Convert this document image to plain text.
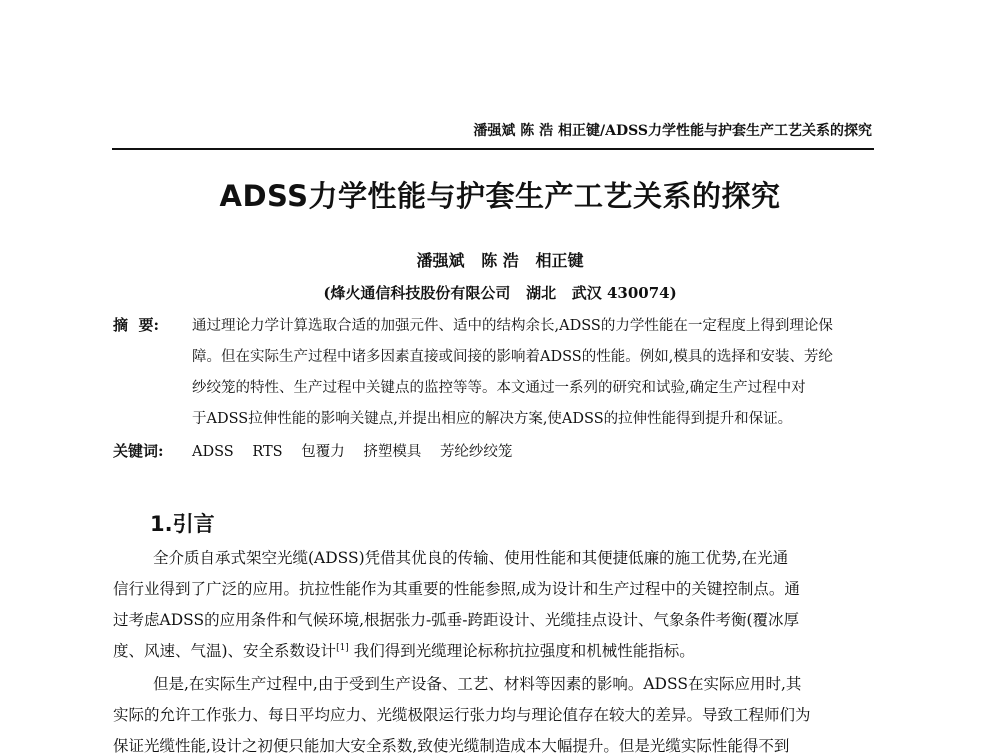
潘强斌 陈 浩 相正键/ADSS力学性能与护套生产工艺关系的探究
ADSS力学性能与护套生产工艺关系的探究
潘强斌   陈 浩   相正键
(烽火通信科技股份有限公司   湖北   武汉 430074)
摘  要: 通过理论力学计算选取合适的加强元件、适中的结构余长,ADSS的力学性能在一定程度上得到理论保
障。但在实际生产过程中诸多因素直接或间接的影响着ADSS的性能。例如,模具的选择和安装、芳纶
纱绞笼的特性、生产过程中关键点的监控等等。本文通过一系列的研究和试验,确定生产过程中对
于ADSS拉伸性能的影响关键点,并提出相应的解决方案,使ADSS的拉伸性能得到提升和保证。
关键词: ADSS RTS 包覆力 挤塑模具 芳纶纱绞笼
1.引言
全介质自承式架空光缆(ADSS)凭借其优良的传输、使用性能和其便捷低廉的施工优势,在光通
信行业得到了广泛的应用。抗拉性能作为其重要的性能参照,成为设计和生产过程中的关键控制点。通
过考虑ADSS的应用条件和气候环境,根据张力-弧垂-跨距设计、光缆挂点设计、气象条件考衡(覆冰厚
度、风速、气温)、安全系数设计[1] 我们得到光缆理论标称抗拉强度和机械性能指标。
但是,在实际生产过程中,由于受到生产设备、工艺、材料等因素的影响。ADSS在实际应用时,其
实际的允许工作张力、每日平均应力、光缆极限运行张力均与理论值存在较大的差异。导致工程师们为
保证光缆性能,设计之初便只能加大安全系数,致使光缆制造成本大幅提升。但是光缆实际性能得不到
